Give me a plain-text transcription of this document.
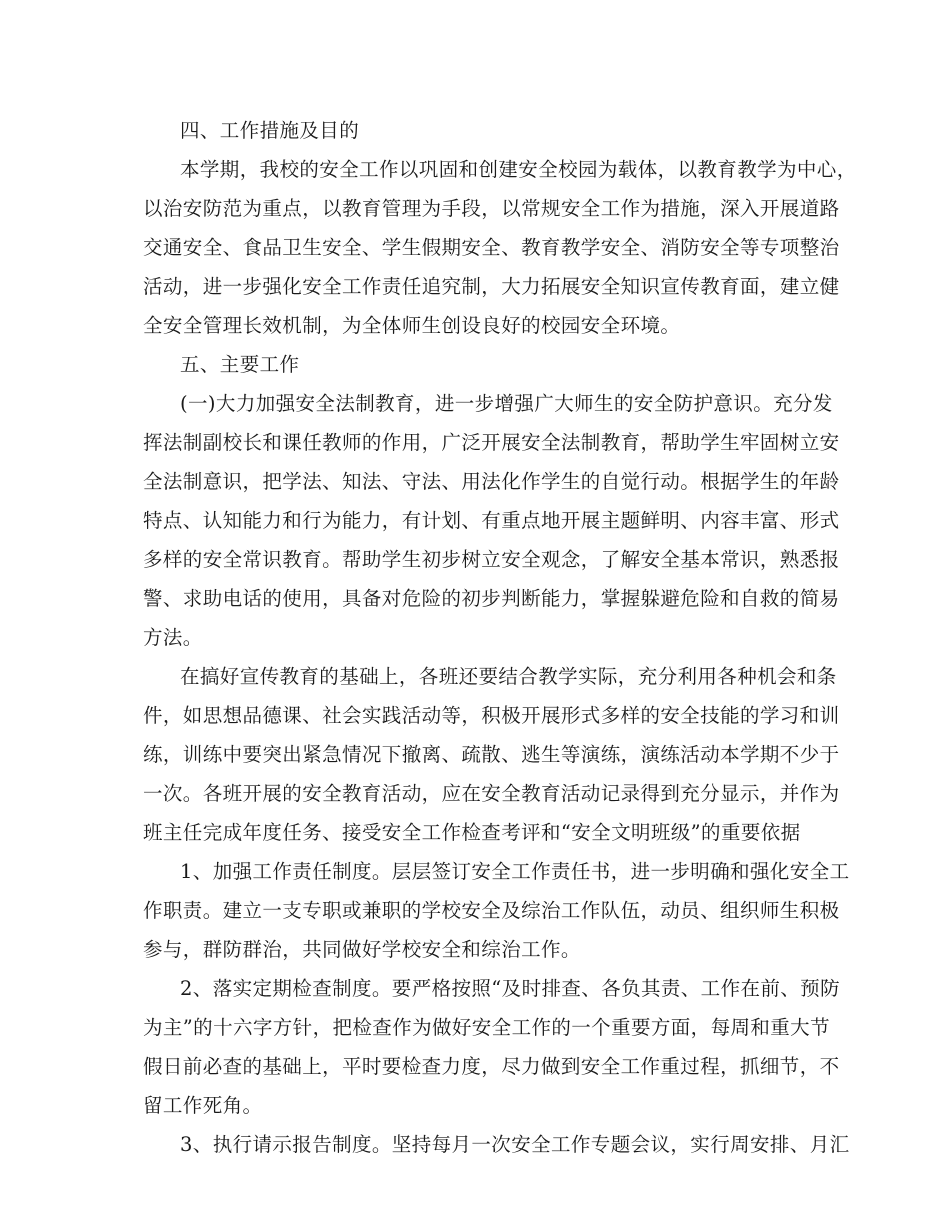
四、工作措施及目的
本学期，我校的安全工作以巩固和创建安全校园为载体，以教育教学为中心，
以治安防范为重点，以教育管理为手段，以常规安全工作为措施，深入开展道路
交通安全、食品卫生安全、学生假期安全、教育教学安全、消防安全等专项整治
活动，进一步强化安全工作责任追究制，大力拓展安全知识宣传教育面，建立健
全安全管理长效机制，为全体师生创设良好的校园安全环境。
五、主要工作
(一)大力加强安全法制教育，进一步增强广大师生的安全防护意识。充分发
挥法制副校长和课任教师的作用，广泛开展安全法制教育，帮助学生牢固树立安
全法制意识，把学法、知法、守法、用法化作学生的自觉行动。根据学生的年龄
特点、认知能力和行为能力，有计划、有重点地开展主题鲜明、内容丰富、形式
多样的安全常识教育。帮助学生初步树立安全观念，了解安全基本常识，熟悉报
警、求助电话的使用，具备对危险的初步判断能力，掌握躲避危险和自救的简易
方法。
在搞好宣传教育的基础上，各班还要结合教学实际，充分利用各种机会和条
件，如思想品德课、社会实践活动等，积极开展形式多样的安全技能的学习和训
练，训练中要突出紧急情况下撤离、疏散、逃生等演练，演练活动本学期不少于
一次。各班开展的安全教育活动，应在安全教育活动记录得到充分显示，并作为
班主任完成年度任务、接受安全工作检查考评和“安全文明班级”的重要依据
1、加强工作责任制度。层层签订安全工作责任书，进一步明确和强化安全工
作职责。建立一支专职或兼职的学校安全及综治工作队伍，动员、组织师生积极
参与，群防群治，共同做好学校安全和综治工作。
2、落实定期检查制度。要严格按照“及时排查、各负其责、工作在前、预防
为主”的十六字方针，把检查作为做好安全工作的一个重要方面，每周和重大节
假日前必查的基础上，平时要检查力度，尽力做到安全工作重过程，抓细节，不
留工作死角。
3、执行请示报告制度。坚持每月一次安全工作专题会议，实行周安排、月汇
